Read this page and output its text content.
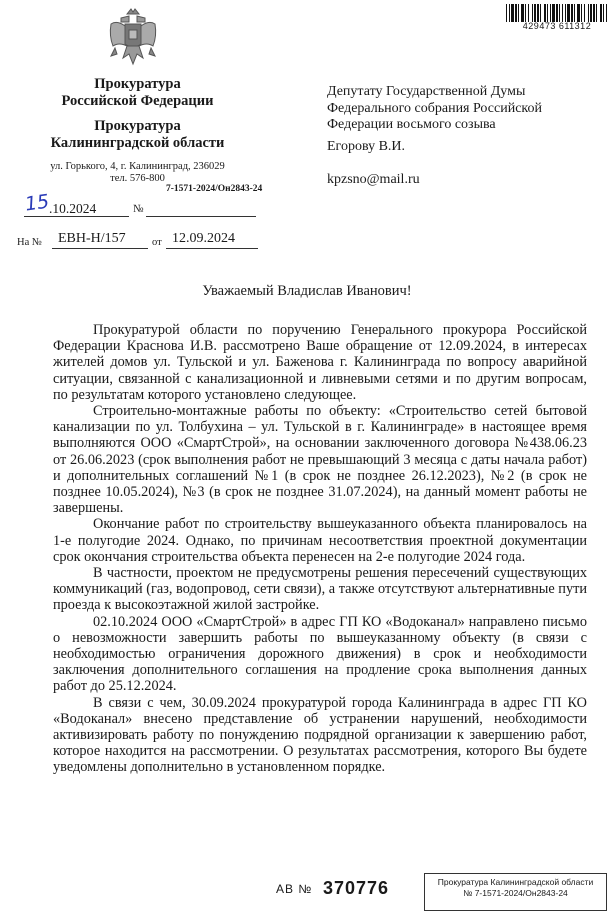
429473 611312
Прокуратура
Российской Федерации
Прокуратура
Калининградской области
ул. Горького, 4, г. Калининград, 236029
тел. 576-800
7-1571-2024/Он2843-24
.10.2024
15	№
На №	ЕВН-Н/157	от 12.09.2024
Депутату Государственной Думы Федерального собрания Российской Федерации восьмого созыва
Егорову В.И.
kpzsno@mail.ru
Уважаемый Владислав Иванович!

Прокуратурой области по поручению Генерального прокурора Российской Федерации Краснова И.В. рассмотрено Ваше обращение от 12.09.2024, в интересах жителей домов ул. Тульской и ул. Баженова г. Калининграда по вопросу аварийной ситуации, связанной с канализационной и ливневыми сетями и по другим вопросам, по результатам которого установлено следующее.

Строительно-монтажные работы по объекту: «Строительство сетей бытовой канализации по ул. Толбухина – ул. Тульской в г. Калининграде» в настоящее время выполняются ООО «СмартСтрой», на основании заключенного договора №438.06.23 от 26.06.2023 (срок выполнения работ не превышающий 3 месяца с даты начала работ) и дополнительных соглашений №1 (в срок не позднее 26.12.2023), №2 (в срок не позднее 10.05.2024), №3 (в срок не позднее 31.07.2024), на данный момент работы не завершены.

Окончание работ по строительству вышеуказанного объекта планировалось на 1-е полугодие 2024. Однако, по причинам несоответствия проектной документации срок окончания строительства объекта перенесен на 2-е полугодие 2024 года.

В частности, проектом не предусмотрены решения пересечений существующих коммуникаций (газ, водопровод, сети связи), а также отсутствуют альтернативные пути проезда к высокоэтажной жилой застройке.

02.10.2024 ООО «СмартСтрой» в адрес ГП КО «Водоканал» направлено письмо о невозможности завершить работы по вышеуказанному объекту (в связи с необходимостью ограничения дорожного движения) в срок и необходимости заключения дополнительного соглашения на продление срока выполнения данных работ до 25.12.2024.

В связи с чем, 30.09.2024 прокуратурой города Калининграда в адрес ГП КО «Водоканал» внесено представление об устранении нарушений, необходимости активизировать работу по понуждению подрядной организации к завершению работ, которое находится на рассмотрении. О результатах рассмотрения, которого Вы будете уведомлены дополнительно в установленном порядке.

АВ № 370776	Прокуратура Калининградской области
№ 7-1571-2024/Он2843-24
